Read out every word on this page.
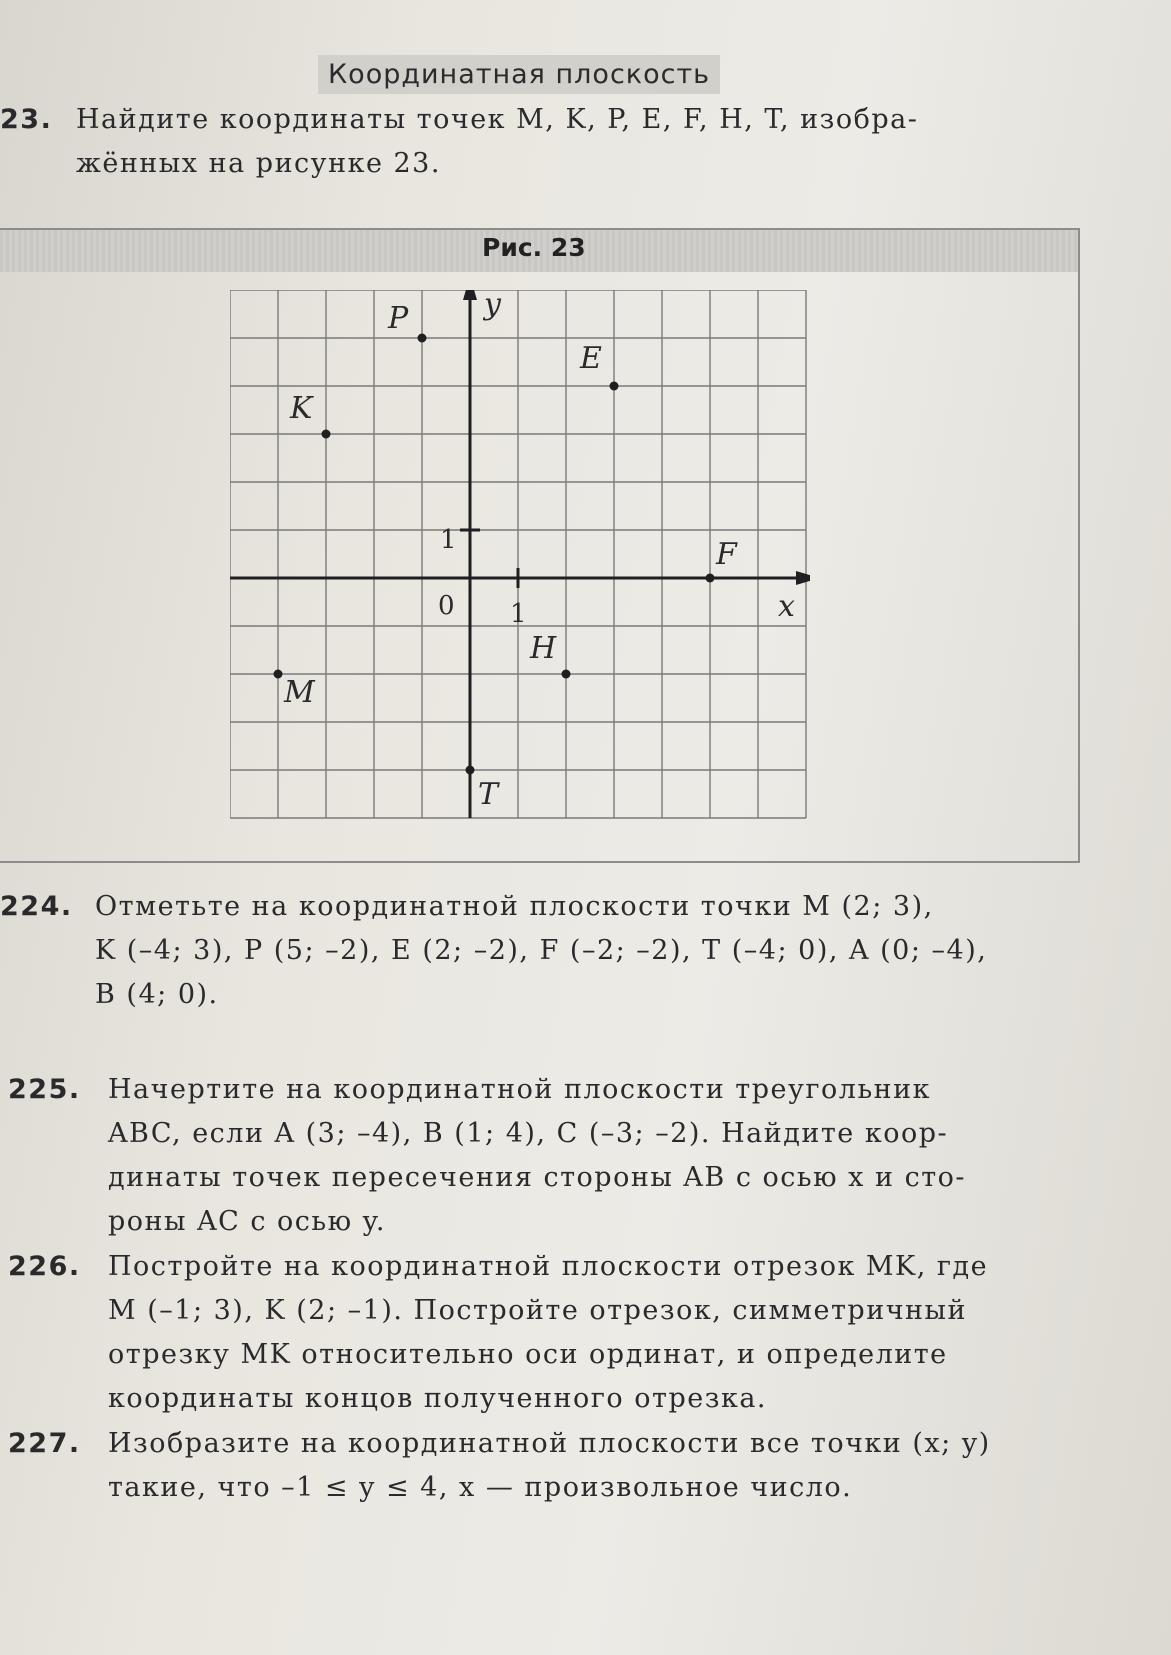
Координатная плоскость
23. Найдите координаты точек M, K, P, E, F, H, T, изобра-

жённых на рисунке 23.

Рис. 23
x
y
0 1
1
P
E
K
F
H
M
T
224. Отметьте на координатной плоскости точки M (2; 3),

K (–4; 3), P (5; –2), E (2; –2), F (–2; –2), T (–4; 0), A (0; –4),

B (4; 0).

225. Начертите на координатной плоскости треугольник

ABC, если A (3; –4), B (1; 4), C (–3; –2). Найдите коор-

динаты точек пересечения стороны AB с осью x и сто-

роны AC с осью y.

226. Постройте на координатной плоскости отрезок MK, где

M (–1; 3), K (2; –1). Постройте отрезок, симметричный

отрезку MK относительно оси ординат, и определите

координаты концов полученного отрезка.

227. Изобразите на координатной плоскости все точки (x; y)

такие, что –1 ≤ y ≤ 4, x — произвольное число.
